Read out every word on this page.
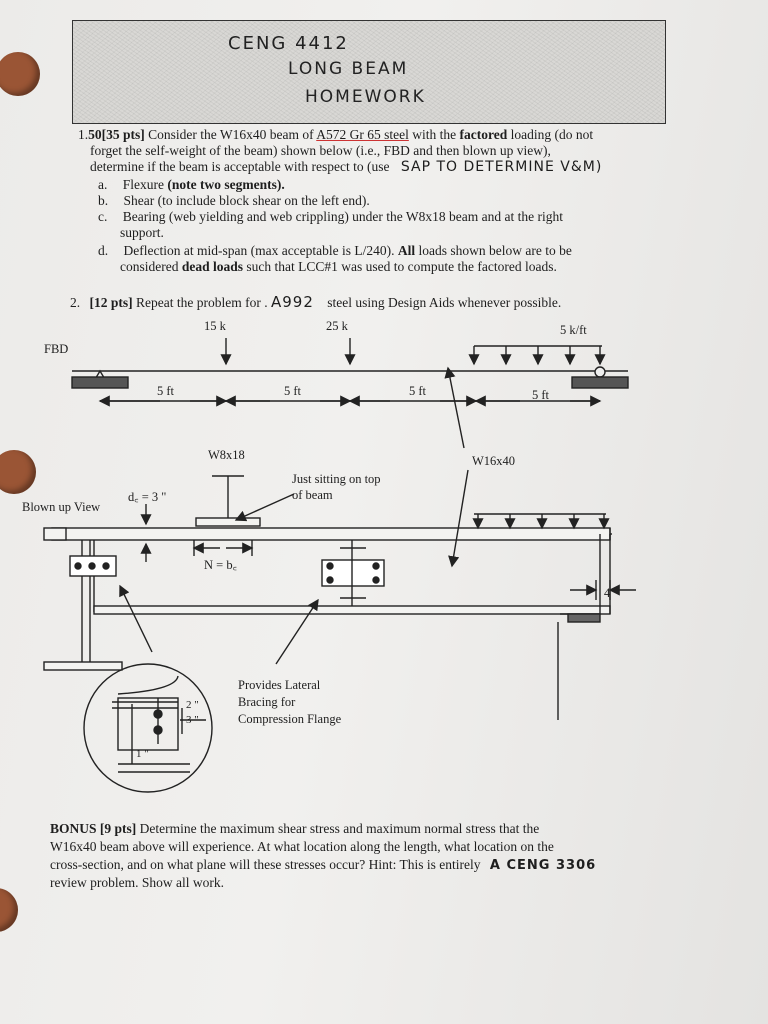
CENG 4412
LONG BEAM
HOMEWORK
1.50[35 pts] Consider the W16x40 beam of A572 Gr 65 steel with the factored loading (do not
forget the self-weight of the beam) shown below (i.e., FBD and then blown up view),
determine if the beam is acceptable with respect to (use SAP TO DETERMINE V&M)
a. Flexure (note two segments).
b. Shear (to include block shear on the left end).
c. Bearing (web yielding and web crippling) under the W8x18 beam and at the right
support.
d. Deflection at mid-span (max acceptable is L/240). All loads shown below are to be
considered dead loads such that LCC#1 was used to compute the factored loads.
2. [12 pts] Repeat the problem for . A992 steel using Design Aids whenever possible.
FBD
15 k	25 k	5 k/ft
5 ft	5 ft	5 ft	5 ft
W8x18	W16x40
Just sitting on top
of beam
d꜀ = 3 "
Blown up View
N = b꜀
4 "
Provides Lateral
Bracing for
Compression Flange
2 "
3 "
1 "
BONUS [9 pts] Determine the maximum shear stress and maximum normal stress that the
W16x40 beam above will experience. At what location along the length, what location on the
cross-section, and on what plane will these stresses occur? Hint: This is entirely A CENG 3306
review problem. Show all work.
